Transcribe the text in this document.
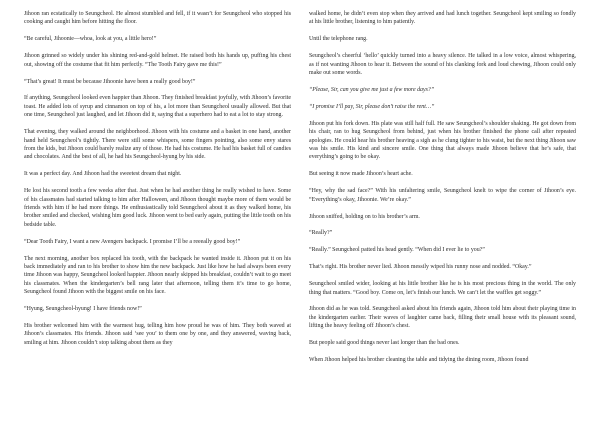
Jihoon ran ecstatically to Seungcheol. He almost stumbled and fell, if it wasn’t for Seungcheol who stopped his cooking and caught him before hitting the floor.

“Be careful, Jihoonie—whoa, look at you, a little hero!”

Jihoon grinned so widely under his shining red-and-gold helmet. He raised both his hands up, puffing his chest out, showing off the costume that fit him perfectly. “The Tooth Fairy gave me this!”

“That’s great! It must be because Jihoonie have been a really good boy!”

If anything, Seungcheol looked even happier than Jihoon. They finished breakfast joyfully, with Jihoon’s favorite toast. He added lots of syrup and cinnamon on top of his, a lot more than Seungcheol usually allowed. But that one time, Seungcheol just laughed, and let Jihoon did it, saying that a superhero had to eat a lot to stay strong.

That evening, they walked around the neighborhood. Jihoon with his costume and a basket in one hand, another hand held Seungcheol’s tightly. There were still some whispers, some fingers pointing, also some envy stares from the kids, but Jihoon could barely realize any of those. He had his costume. He had his basket full of candies and chocolates. And the best of all, he had his Seungcheol-hyung by his side.

It was a perfect day. And Jihoon had the sweetest dream that night.

He lost his second tooth a few weeks after that. Just when he had another thing he really wished to have. Some of his classmates had started talking to him after Halloween, and Jihoon thought maybe more of them would be friends with him if he had more things. He enthusiastically told Seungcheol about it as they walked home, his brother smiled and checked, wishing him good luck. Jihoon went to bed early again, putting the little tooth on his bedside table.

“Dear Tooth Fairy, I want a new Avengers backpack. I promise I’ll be a reeeally good boy!”

The next morning, another box replaced his tooth, with the backpack he wanted inside it. Jihoon put it on his back immediately and ran to his brother to show him the new backpack. Just like how he had always been every time Jihoon was happy, Seungcheol looked happier. Jihoon nearly skipped his breakfast, couldn’t wait to go meet his classmates. When the kindergarten’s bell rang later that afternoon, telling them it’s time to go home, Seungcheol found Jihoon with the biggest smile on his face.

“Hyung, Seungcheol-hyung! I have friends now!”

His brother welcomed him with the warmest hug, telling him how proud he was of him. They both waved at Jihoon’s classmates. His friends. Jihoon said ‘see you’ to them one by one, and they answered, waving back, smiling at him. Jihoon couldn’t stop talking about them as they

walked home, he didn’t even stop when they arrived and had lunch together. Seungcheol kept smiling so fondly at his little brother, listening to him patiently.

Until the telephone rang.

Seungcheol’s cheerful ‘hello’ quickly turned into a heavy silence. He talked in a low voice, almost whispering, as if not wanting Jihoon to hear it. Between the sound of his clanking fork and loud chewing, Jihoon could only make out some words.

“Please, Sir, can you give me just a few more days?”

“I promise I’ll pay, Sir, please don’t raise the rent…”

Jihoon put his fork down. His plate was still half full. He saw Seungcheol’s shoulder shaking. He got down from his chair, ran to hug Seungcheol from behind, just when his brother finished the phone call after repeated apologies. He could hear his brother heaving a sigh as he clung tighter to his waist, but the next thing Jihoon saw was his smile. His kind and sincere smile. One thing that always made Jihoon believe that he’s safe, that everything’s going to be okay.

But seeing it now made Jihoon’s heart ache.

“Hey, why the sad face?” With his unfaltering smile, Seungcheol knelt to wipe the corner of Jihoon’s eye. “Everything’s okay, Jihoonie. We’re okay.”

Jihoon sniffed, holding on to his brother’s arm.

“Really?”

“Really.” Seungcheol patted his head gently. “When did I ever lie to you?”

That’s right. His brother never lied. Jihoon messily wiped his runny nose and nodded. “Okay.”

Seungcheol smiled wider, looking at his little brother like he is his most precious thing in the world. The only thing that matters. “Good boy. Come on, let’s finish our lunch. We can’t let the waffles get soggy.”

Jihoon did as he was told. Seungcheol asked about his friends again, Jihoon told him about their playing time in the kindergarten earlier. Their waves of laughter came back, filling their small house with its pleasant sound, lifting the heavy feeling off Jihoon’s chest.

But people said good things never last longer than the bad ones.

When Jihoon helped his brother cleaning the table and tidying the dining room, Jihoon found
